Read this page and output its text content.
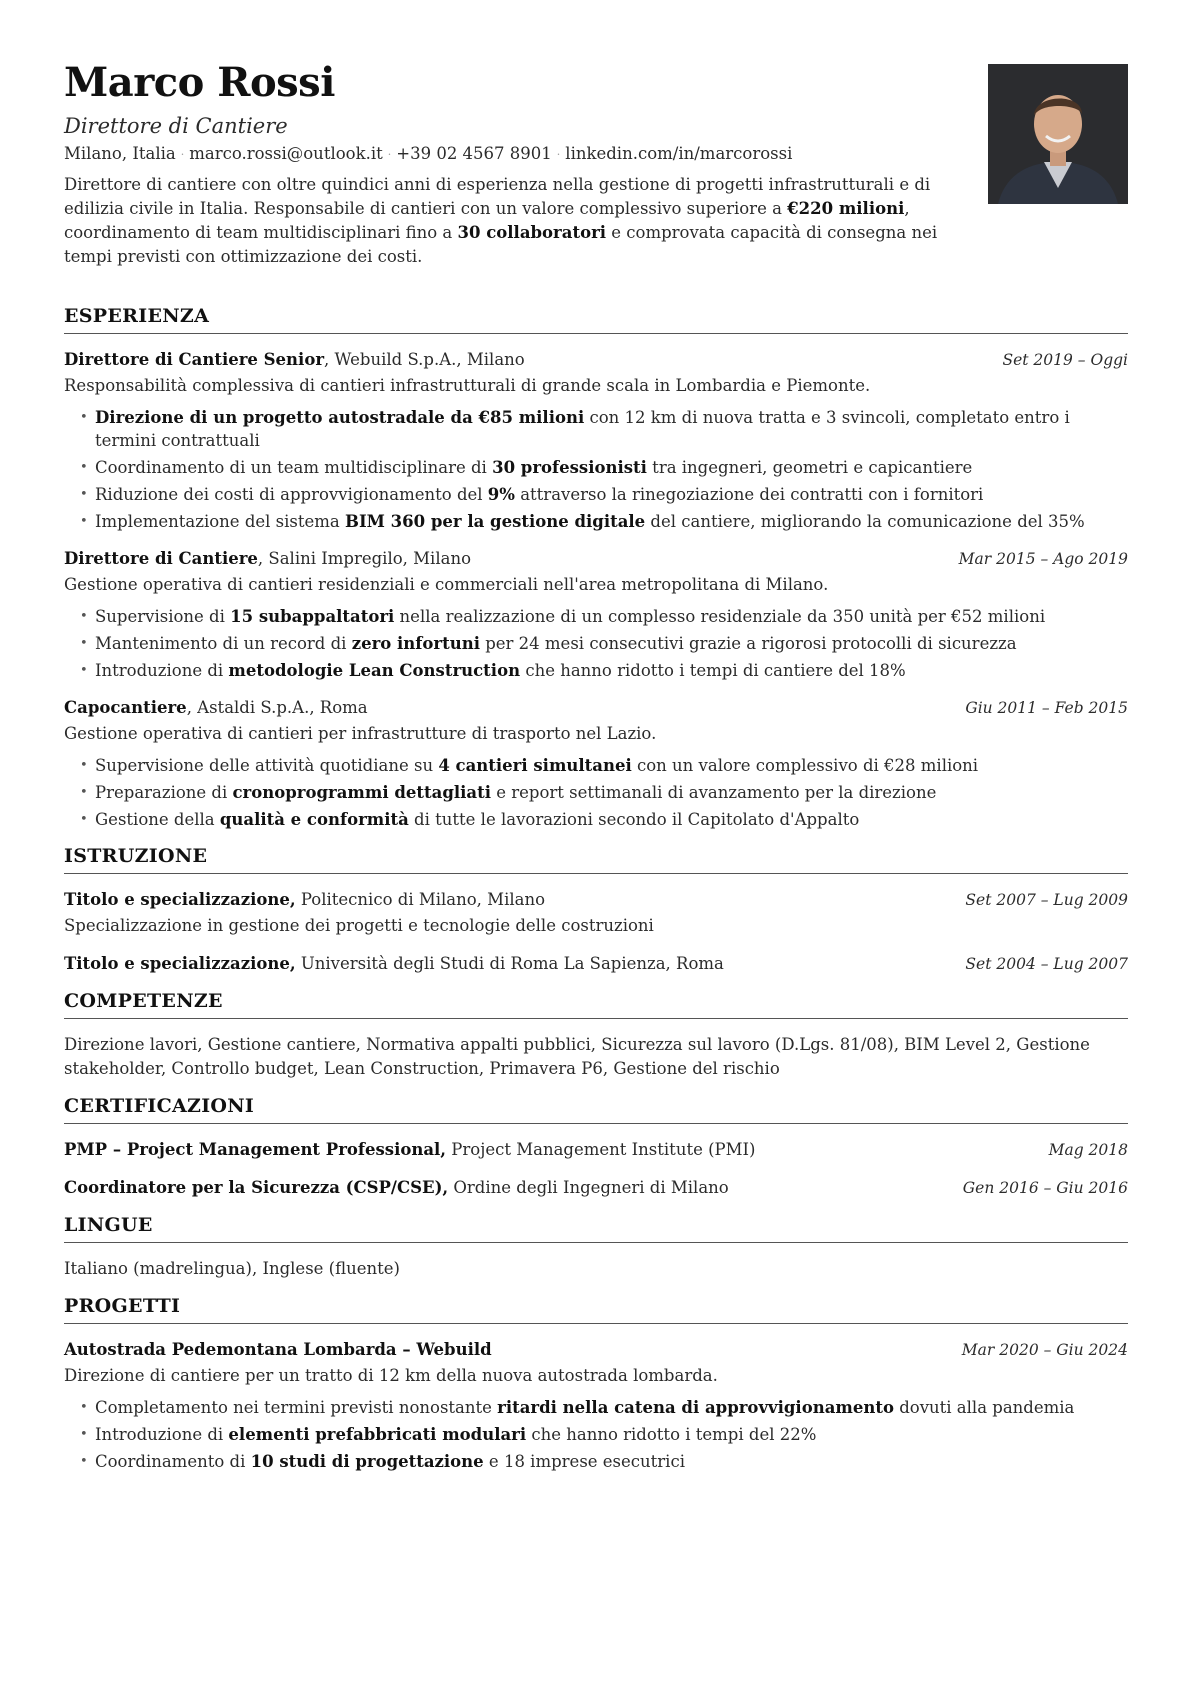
Marco Rossi
Direttore di Cantiere
Milano, Italia · marco.rossi@outlook.it · +39 02 4567 8901 · linkedin.com/in/marcorossi
Direttore di cantiere con oltre quindici anni di esperienza nella gestione di progetti infrastrutturali e di edilizia civile in Italia. Responsabile di cantieri con un valore complessivo superiore a €220 milioni, coordinamento di team multidisciplinari fino a 30 collaboratori e comprovata capacità di consegna nei tempi previsti con ottimizzazione dei costi.
ESPERIENZA
Direttore di Cantiere Senior, Webuild S.p.A., Milano	Set 2019 – Oggi
Responsabilità complessiva di cantieri infrastrutturali di grande scala in Lombardia e Piemonte.
• Direzione di un progetto autostradale da €85 milioni con 12 km di nuova tratta e 3 svincoli, completato entro i termini contrattuali
• Coordinamento di un team multidisciplinare di 30 professionisti tra ingegneri, geometri e capicantiere
• Riduzione dei costi di approvvigionamento del 9% attraverso la rinegoziazione dei contratti con i fornitori
• Implementazione del sistema BIM 360 per la gestione digitale del cantiere, migliorando la comunicazione del 35%
Direttore di Cantiere, Salini Impregilo, Milano	Mar 2015 – Ago 2019
Gestione operativa di cantieri residenziali e commerciali nell'area metropolitana di Milano.
• Supervisione di 15 subappaltatori nella realizzazione di un complesso residenziale da 350 unità per €52 milioni
• Mantenimento di un record di zero infortuni per 24 mesi consecutivi grazie a rigorosi protocolli di sicurezza
• Introduzione di metodologie Lean Construction che hanno ridotto i tempi di cantiere del 18%
Capocantiere, Astaldi S.p.A., Roma	Giu 2011 – Feb 2015
Gestione operativa di cantieri per infrastrutture di trasporto nel Lazio.
• Supervisione delle attività quotidiane su 4 cantieri simultanei con un valore complessivo di €28 milioni
• Preparazione di cronoprogrammi dettagliati e report settimanali di avanzamento per la direzione
• Gestione della qualità e conformità di tutte le lavorazioni secondo il Capitolato d'Appalto
ISTRUZIONE
Titolo e specializzazione, Politecnico di Milano, Milano	Set 2007 – Lug 2009
Specializzazione in gestione dei progetti e tecnologie delle costruzioni
Titolo e specializzazione, Università degli Studi di Roma La Sapienza, Roma	Set 2004 – Lug 2007
COMPETENZE
Direzione lavori, Gestione cantiere, Normativa appalti pubblici, Sicurezza sul lavoro (D.Lgs. 81/08), BIM Level 2, Gestione stakeholder, Controllo budget, Lean Construction, Primavera P6, Gestione del rischio
CERTIFICAZIONI
PMP – Project Management Professional, Project Management Institute (PMI)	Mag 2018
Coordinatore per la Sicurezza (CSP/CSE), Ordine degli Ingegneri di Milano	Gen 2016 – Giu 2016
LINGUE
Italiano (madrelingua), Inglese (fluente)
PROGETTI
Autostrada Pedemontana Lombarda – Webuild	Mar 2020 – Giu 2024
Direzione di cantiere per un tratto di 12 km della nuova autostrada lombarda.
• Completamento nei termini previsti nonostante ritardi nella catena di approvvigionamento dovuti alla pandemia
• Introduzione di elementi prefabbricati modulari che hanno ridotto i tempi del 22%
• Coordinamento di 10 studi di progettazione e 18 imprese esecutrici
